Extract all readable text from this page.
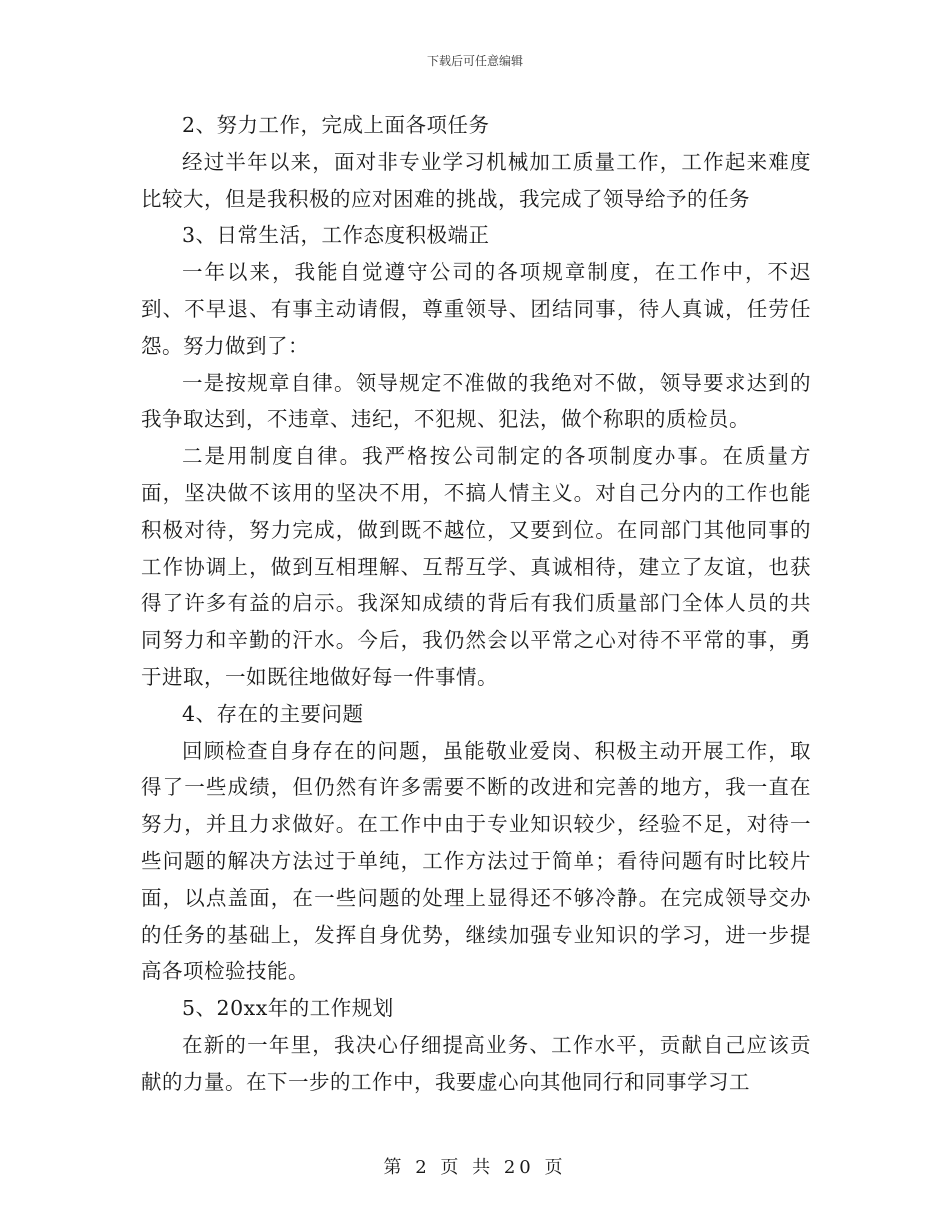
下载后可任意编辑

2、努力工作，完成上面各项任务

经过半年以来，面对非专业学习机械加工质量工作，工作起来难度比较大，但是我积极的应对困难的挑战，我完成了领导给予的任务

3、日常生活，工作态度积极端正

一年以来，我能自觉遵守公司的各项规章制度，在工作中，不迟到、不早退、有事主动请假，尊重领导、团结同事，待人真诚，任劳任怨。努力做到了：

一是按规章自律。领导规定不准做的我绝对不做，领导要求达到的我争取达到，不违章、违纪，不犯规、犯法，做个称职的质检员。

二是用制度自律。我严格按公司制定的各项制度办事。在质量方面，坚决做不该用的坚决不用，不搞人情主义。对自己分内的工作也能积极对待，努力完成，做到既不越位，又要到位。在同部门其他同事的工作协调上，做到互相理解、互帮互学、真诚相待，建立了友谊，也获得了许多有益的启示。我深知成绩的背后有我们质量部门全体人员的共同努力和辛勤的汗水。今后，我仍然会以平常之心对待不平常的事，勇于进取，一如既往地做好每一件事情。

4、存在的主要问题

回顾检查自身存在的问题，虽能敬业爱岗、积极主动开展工作，取得了一些成绩，但仍然有许多需要不断的改进和完善的地方，我一直在努力，并且力求做好。在工作中由于专业知识较少，经验不足，对待一些问题的解决方法过于单纯，工作方法过于简单；看待问题有时比较片面，以点盖面，在一些问题的处理上显得还不够冷静。在完成领导交办的任务的基础上，发挥自身优势，继续加强专业知识的学习，进一步提高各项检验技能。

5、20xx年的工作规划

在新的一年里，我决心仔细提高业务、工作水平，贡献自己应该贡献的力量。在下一步的工作中，我要虚心向其他同行和同事学习工

第 2 页 共 20 页
